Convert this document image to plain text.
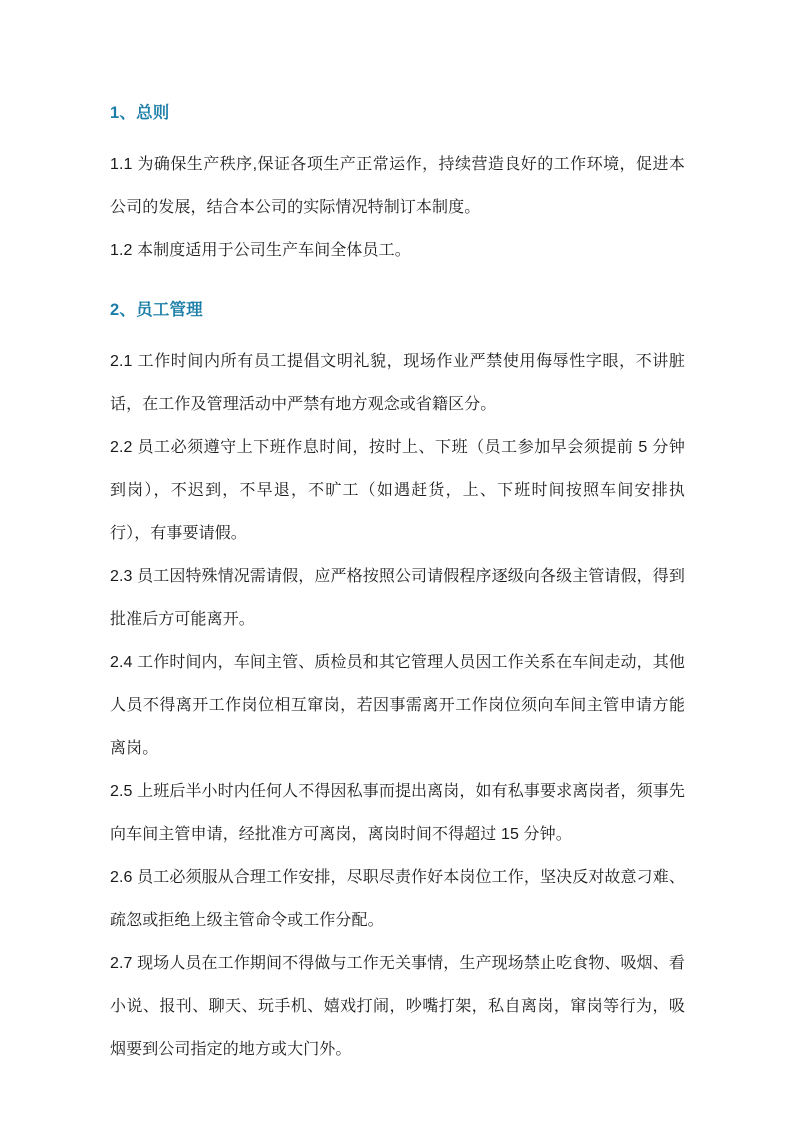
1、总则

1.1 为确保生产秩序,保证各项生产正常运作，持续营造良好的工作环境，促进本公司的发展，结合本公司的实际情况特制订本制度。

1.2 本制度适用于公司生产车间全体员工。

2、员工管理

2.1 工作时间内所有员工提倡文明礼貌，现场作业严禁使用侮辱性字眼，不讲脏话，在工作及管理活动中严禁有地方观念或省籍区分。

2.2 员工必须遵守上下班作息时间，按时上、下班（员工参加早会须提前 5 分钟到岗），不迟到，不早退，不旷工（如遇赶货，上、下班时间按照车间安排执行），有事要请假。

2.3 员工因特殊情况需请假，应严格按照公司请假程序逐级向各级主管请假，得到批准后方可能离开。

2.4 工作时间内，车间主管、质检员和其它管理人员因工作关系在车间走动，其他人员不得离开工作岗位相互窜岗，若因事需离开工作岗位须向车间主管申请方能离岗。

2.5 上班后半小时内任何人不得因私事而提出离岗，如有私事要求离岗者，须事先向车间主管申请，经批准方可离岗，离岗时间不得超过 15 分钟。

2.6 员工必须服从合理工作安排，尽职尽责作好本岗位工作，坚决反对故意刁难、疏忽或拒绝上级主管命令或工作分配。

2.7 现场人员在工作期间不得做与工作无关事情，生产现场禁止吃食物、吸烟、看小说、报刊、聊天、玩手机、嬉戏打闹，吵嘴打架，私自离岗，窜岗等行为，吸烟要到公司指定的地方或大门外。
